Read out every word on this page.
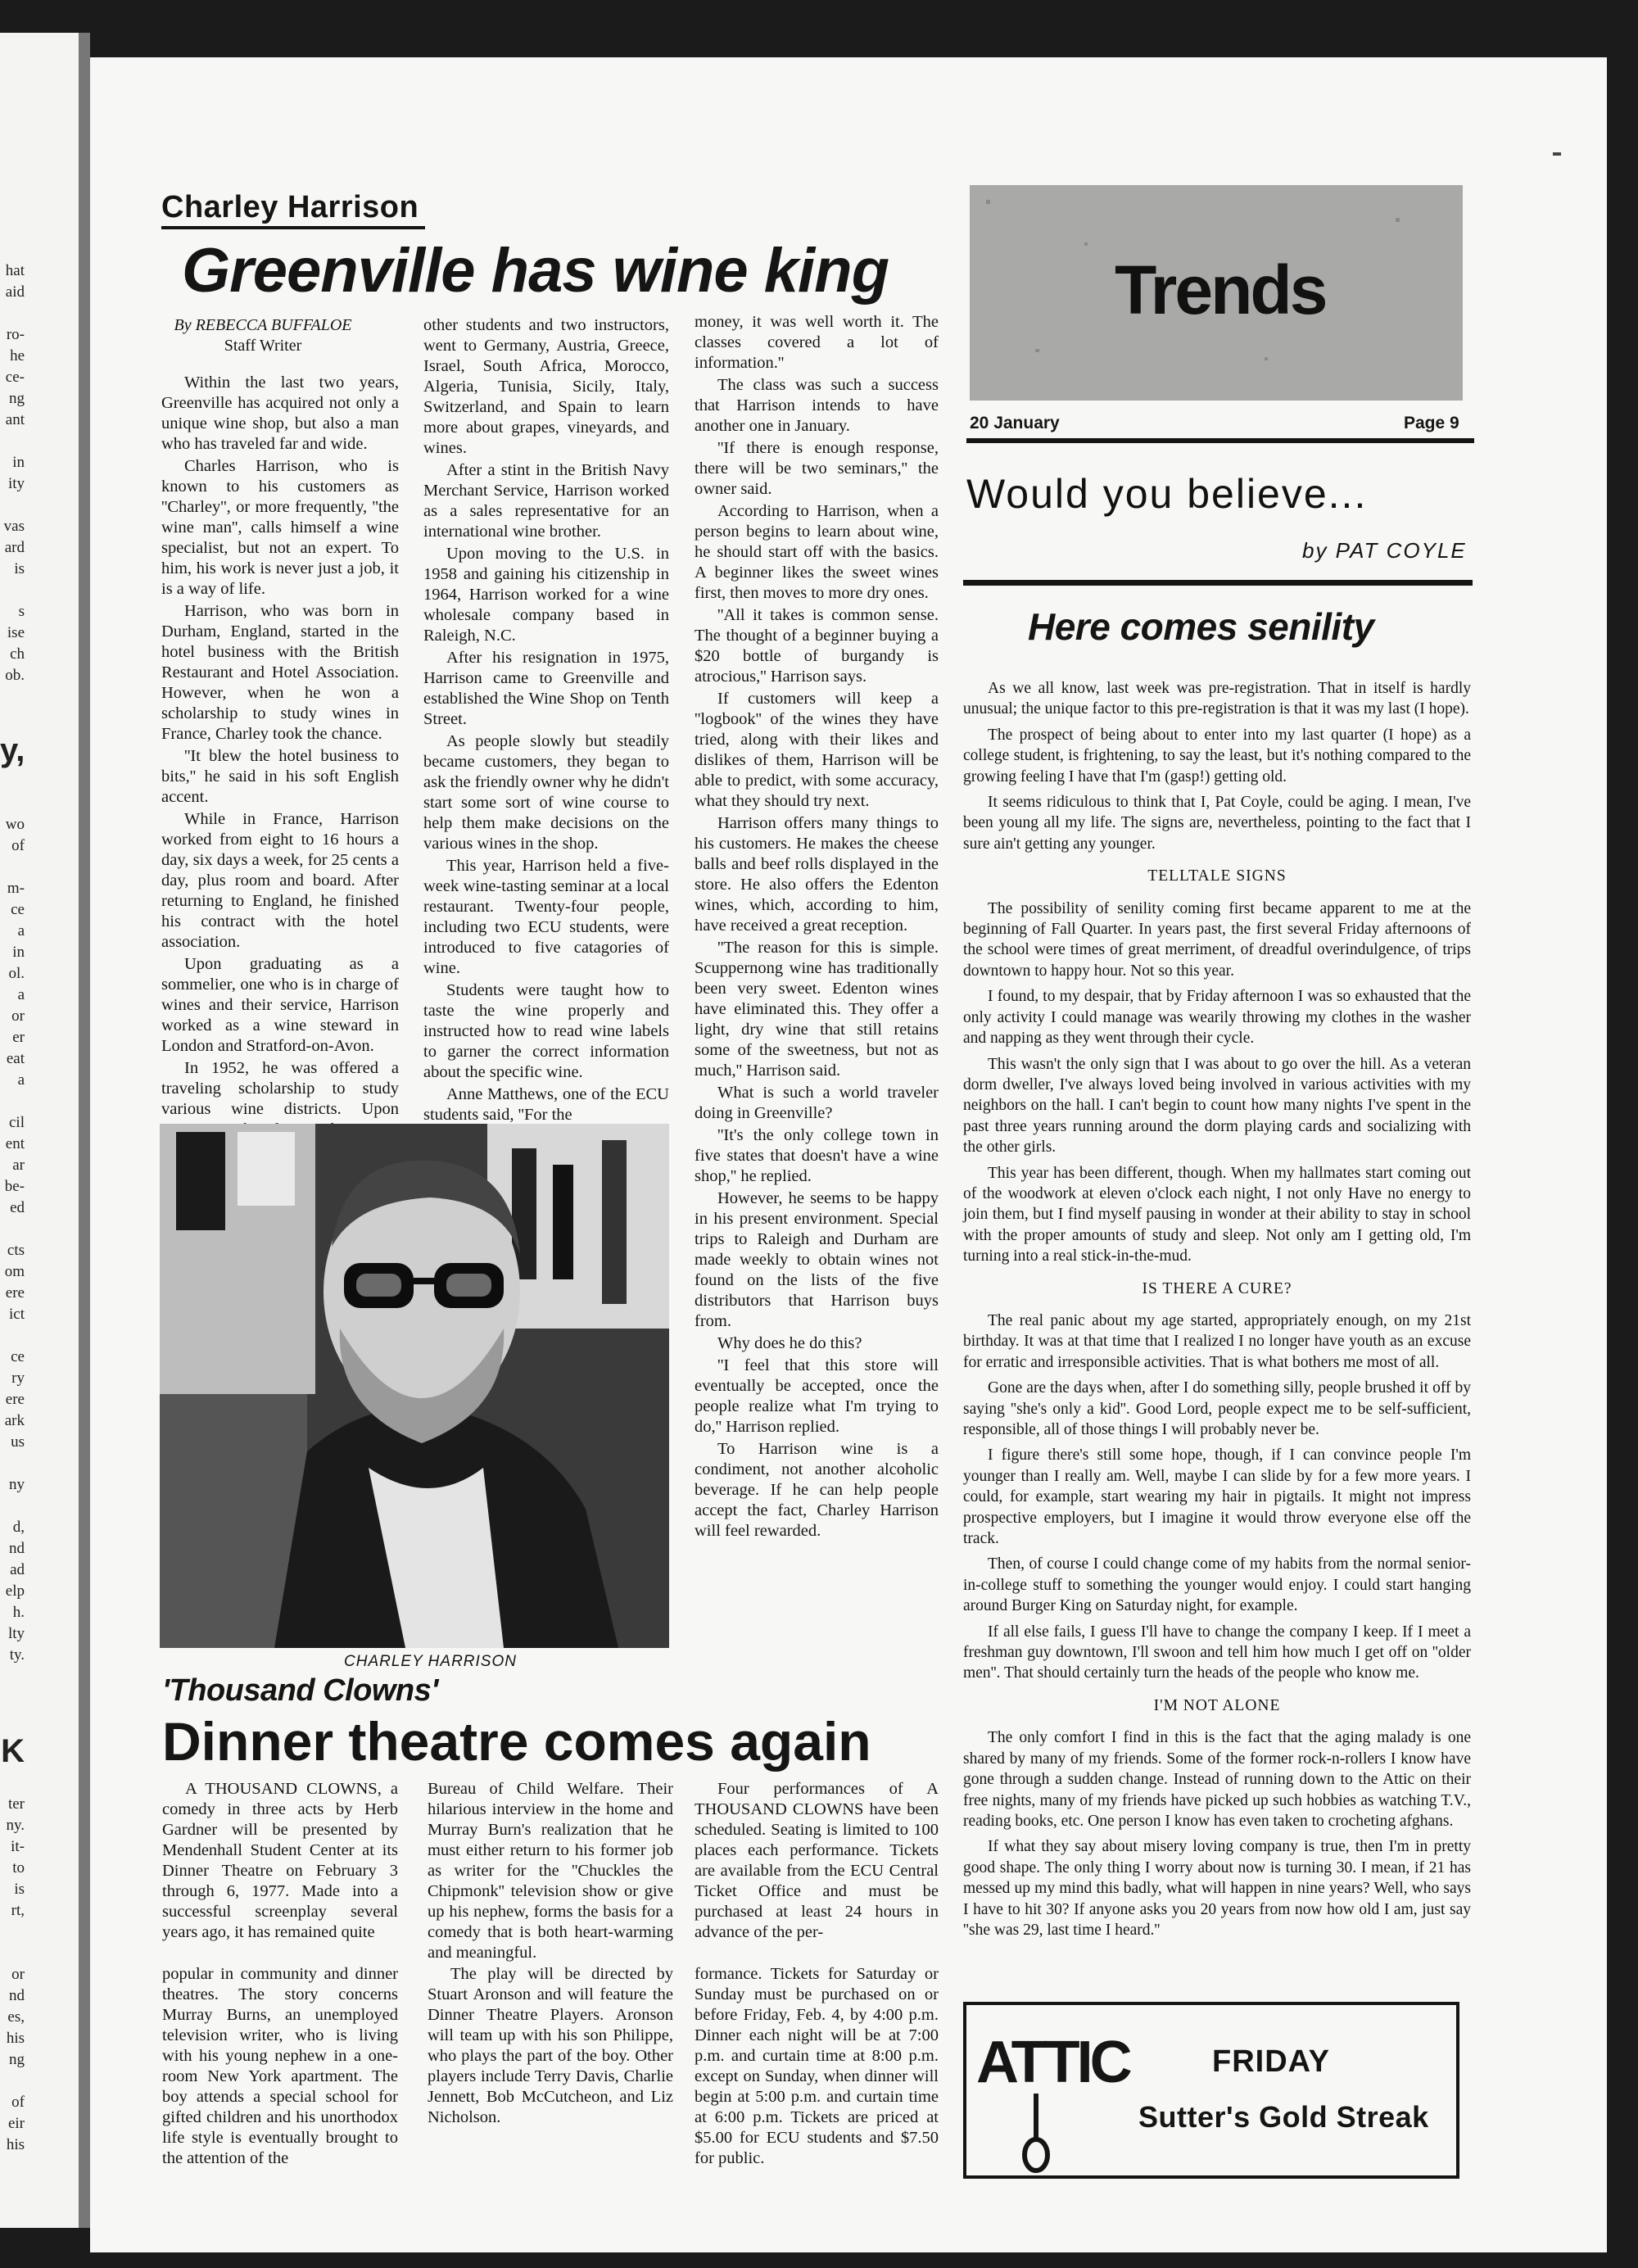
hat
aid
ro-
he
ce-
ng
ant
in
ity
vas
ard
is
s
ise
ch
ob.
y,
wo
of
m-
ce
a
in
ol.
a
or
er
eat
a
cil
ent
ar
be-
ed
cts
om
ere
ict
ce
ry
ere
ark
us
ny
d,
nd
ad
elp
h.
lty
ty.
K
ter
ny.
it-
to
is
rt,
or
nd
es,
his
ng
of
eir
his
Charley Harrison
Greenville has wine king
By REBECCA BUFFALOE
Staff Writer

Within the last two years, Greenville has acquired not only a unique wine shop, but also a man who has traveled far and wide.

Charles Harrison, who is known to his customers as ''Charley'', or more frequently, ''the wine man'', calls himself a wine specialist, but not an expert. To him, his work is never just a job, it is a way of life.

Harrison, who was born in Durham, England, started in the hotel business with the British Restaurant and Hotel Association. However, when he won a scholarship to study wines in France, Charley took the chance.

''It blew the hotel business to bits,'' he said in his soft English accent.

While in France, Harrison worked from eight to 16 hours a day, six days a week, for 25 cents a day, plus room and board. After returning to England, he finished his contract with the hotel association.

Upon graduating as a sommelier, one who is in charge of wines and their service, Harrison worked as a wine steward in London and Stratford-on-Avon.

In 1952, he was offered a traveling scholarship to study various wine districts. Upon

other students and two instructors, went to Germany, Austria, Greece, Israel, South Africa, Morocco, Algeria, Tunisia, Sicily, Italy, Switzerland, and Spain to learn more about grapes, vineyards, and wines.

After a stint in the British Navy Merchant Service, Harrison worked as a sales representative for an international wine brother.

Upon moving to the U.S. in 1958 and gaining his citizenship in 1964, Harrison worked for a wine wholesale company based in Raleigh, N.C.

After his resignation in 1975, Harrison came to Greenville and established the Wine Shop on Tenth Street.

As people slowly but steadily became customers, they began to ask the friendly owner why he didn't start some sort of wine course to help them make decisions on the various wines in the shop.

This year, Harrison held a five-week wine-tasting seminar at a local restaurant. Twenty-four people, including two ECU students, were introduced to five catagories of wine.

Students were taught how to taste the wine properly and instructed how to read wine labels to garner the correct information about the specific wine.

Anne Matthews, one of the ECU students said, ''For the

money, it was well worth it. The classes covered a lot of information.''

The class was such a success that Harrison intends to have another one in January.

''If there is enough response, there will be two seminars,'' the owner said.

According to Harrison, when a person begins to learn about wine, he should start off with the basics. A beginner likes the sweet wines first, then moves to more dry ones.

''All it takes is common sense. The thought of a beginner buying a $20 bottle of burgandy is atrocious,'' Harrison says.

If customers will keep a ''logbook'' of the wines they have tried, along with their likes and dislikes of them, Harrison will be able to predict, with some accuracy, what they should try next.

Harrison offers many things to his customers. He makes the cheese balls and beef rolls displayed in the store. He also offers the Edenton wines, which, according to him, have received a great reception.

''The reason for this is simple. Scuppernong wine has traditionally been very sweet. Edenton wines have eliminated this. They offer a light, dry wine that still retains some of the sweetness, but not as much,'' Harrison said.

What is such a world traveler doing in Greenville?

''It's the only college town in five states that doesn't have a wine shop,'' he replied.

However, he seems to be happy in his present environment. Special trips to Raleigh and Durham are made weekly to obtain wines not found on the lists of the five distributors that Harrison buys from.

Why does he do this?

''I feel that this store will eventually be accepted, once the people realize what I'm trying to do,'' Harrison replied.

To Harrison wine is a condiment, not another alcoholic beverage. If he can help people accept the fact, Charley Harrison will feel rewarded.

CHARLEY HARRISON
Trends
20 January	Page 9
Would you believe...
by PAT COYLE
Here comes senility

As we all know, last week was pre-registration. That in itself is hardly unusual; the unique factor to this pre-registration is that it was my last (I hope).

The prospect of being about to enter into my last quarter (I hope) as a college student, is frightening, to say the least, but it's nothing compared to the growing feeling I have that I'm (gasp!) getting old.

It seems ridiculous to think that I, Pat Coyle, could be aging. I mean, I've been young all my life. The signs are, nevertheless, pointing to the fact that I sure ain't getting any younger.

TELLTALE SIGNS

The possibility of senility coming first became apparent to me at the beginning of Fall Quarter. In years past, the first several Friday afternoons of the school were times of great merriment, of dreadful overindulgence, of trips downtown to happy hour. Not so this year.

I found, to my despair, that by Friday afternoon I was so exhausted that the only activity I could manage was wearily throwing my clothes in the washer and napping as they went through their cycle.

This wasn't the only sign that I was about to go over the hill. As a veteran dorm dweller, I've always loved being involved in various activities with my neighbors on the hall. I can't begin to count how many nights I've spent in the past three years running around the dorm playing cards and socializing with the other girls.

This year has been different, though. When my hallmates start coming out of the woodwork at eleven o'clock each night, I not only Have no energy to join them, but I find myself pausing in wonder at their ability to stay in school with the proper amounts of study and sleep. Not only am I getting old, I'm turning into a real stick-in-the-mud.

IS THERE A CURE?

The real panic about my age started, appropriately enough, on my 21st birthday. It was at that time that I realized I no longer have youth as an excuse for erratic and irresponsible activities. That is what bothers me most of all.

Gone are the days when, after I do something silly, people brushed it off by saying ''she's only a kid''. Good Lord, people expect me to be self-sufficient, responsible, all of those things I will probably never be.

I figure there's still some hope, though, if I can convince people I'm younger than I really am. Well, maybe I can slide by for a few more years. I could, for example, start wearing my hair in pigtails. It might not impress prospective employers, but I imagine it would throw everyone else off the track.

Then, of course I could change come of my habits from the normal senior-in-college stuff to something the younger would enjoy. I could start hanging around Burger King on Saturday night, for example.

If all else fails, I guess I'll have to change the company I keep. If I meet a freshman guy downtown, I'll swoon and tell him how much I get off on ''older men''. That should certainly turn the heads of the people who know me.

I'M NOT ALONE

The only comfort I find in this is the fact that the aging malady is one shared by many of my friends. Some of the former rock-n-rollers I know have gone through a sudden change. Instead of running down to the Attic on their free nights, many of my friends have picked up such hobbies as watching T.V., reading books, etc. One person I know has even taken to crocheting afghans.

If what they say about misery loving company is true, then I'm in pretty good shape. The only thing I worry about now is turning 30. I mean, if 21 has messed up my mind this badly, what will happen in nine years? Well, who says I have to hit 30? If anyone asks you 20 years from now how old I am, just say ''she was 29, last time I heard.''

ATTIC	FRIDAY
Sutter's Gold Streak
'Thousand Clowns'
Dinner theatre comes again

A THOUSAND CLOWNS, a comedy in three acts by Herb Gardner will be presented by Mendenhall Student Center at its Dinner Theatre on February 3 through 6, 1977. Made into a successful screenplay several years ago, it has remained quite

Bureau of Child Welfare. Their hilarious interview in the home and Murray Burn's realization that he must either return to his former job as writer for the ''Chuckles the Chipmonk'' television show or give up his nephew, forms the basis for a comedy that is both heart-warming and meaningful.

Four performances of A THOUSAND CLOWNS have been scheduled. Seating is limited to 100 places each performance. Tickets are available from the ECU Central Ticket Office and must be purchased at least 24 hours in advance of the per-

popular in community and dinner theatres. The story concerns Murray Burns, an unemployed television writer, who is living with his young nephew in a one-room New York apartment. The boy attends a special school for gifted children and his unorthodox life style is eventually brought to the attention of the

The play will be directed by Stuart Aronson and will feature the Dinner Theatre Players. Aronson will team up with his son Philippe, who plays the part of the boy. Other players include Terry Davis, Charlie Jennett, Bob McCutcheon, and Liz Nicholson.

formance. Tickets for Saturday or Sunday must be purchased on or before Friday, Feb. 4, by 4:00 p.m. Dinner each night will be at 7:00 p.m. and curtain time at 8:00 p.m. except on Sunday, when dinner will begin at 5:00 p.m. and curtain time at 6:00 p.m. Tickets are priced at $5.00 for ECU students and $7.50 for public.
